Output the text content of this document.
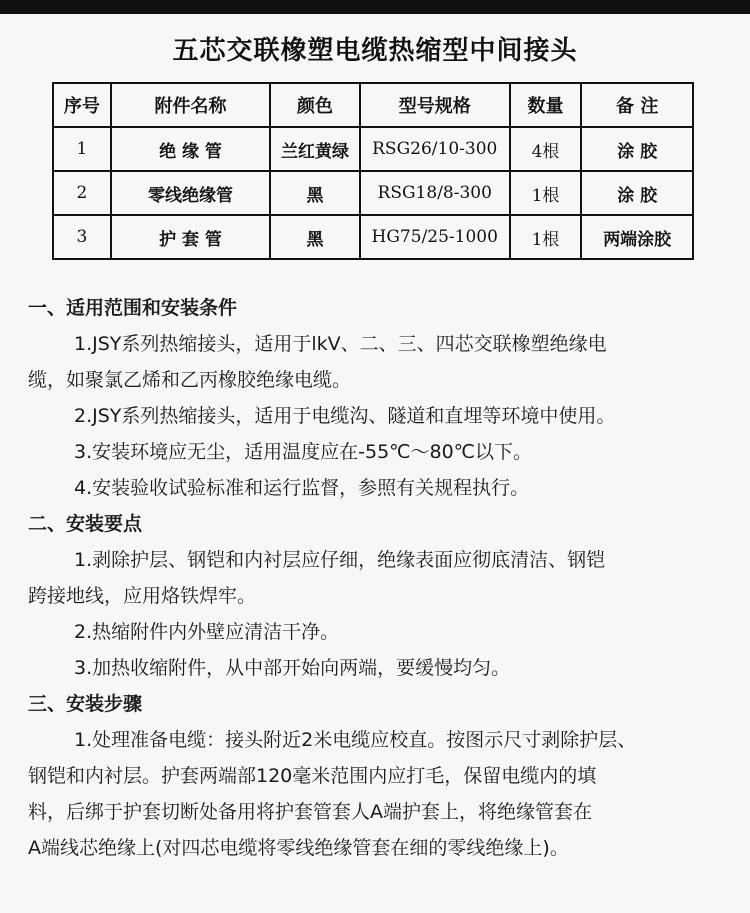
五芯交联橡塑电缆热缩型中间接头
序号	附件名称	颜色	型号规格	数量	备 注
1	绝 缘 管	兰红黄绿	RSG26/10-300	4根	涂 胶
2	零线绝缘管	黑	RSG18/8-300	1根	涂 胶
3	护 套 管	黑	HG75/25-1000	1根	两端涂胶
一、适用范围和安装条件
1.JSY系列热缩接头，适用于lkV、二、三、四芯交联橡塑绝缘电
缆，如聚氯乙烯和乙丙橡胶绝缘电缆。
2.JSY系列热缩接头，适用于电缆沟、隧道和直埋等环境中使用。
3.安装环境应无尘，适用温度应在-55℃～80℃以下。
4.安装验收试验标准和运行监督，参照有关规程执行。
二、安装要点
1.剥除护层、钢铠和内衬层应仔细，绝缘表面应彻底清洁、钢铠
跨接地线，应用烙铁焊牢。
2.热缩附件内外壁应清洁干净。
3.加热收缩附件，从中部开始向两端，要缓慢均匀。
三、安装步骤
1.处理准备电缆：接头附近2米电缆应校直。按图示尺寸剥除护层、
钢铠和内衬层。护套两端部120毫米范围内应打毛，保留电缆内的填
料，后绑于护套切断处备用将护套管套人A端护套上，将绝缘管套在
A端线芯绝缘上(对四芯电缆将零线绝缘管套在细的零线绝缘上)。
